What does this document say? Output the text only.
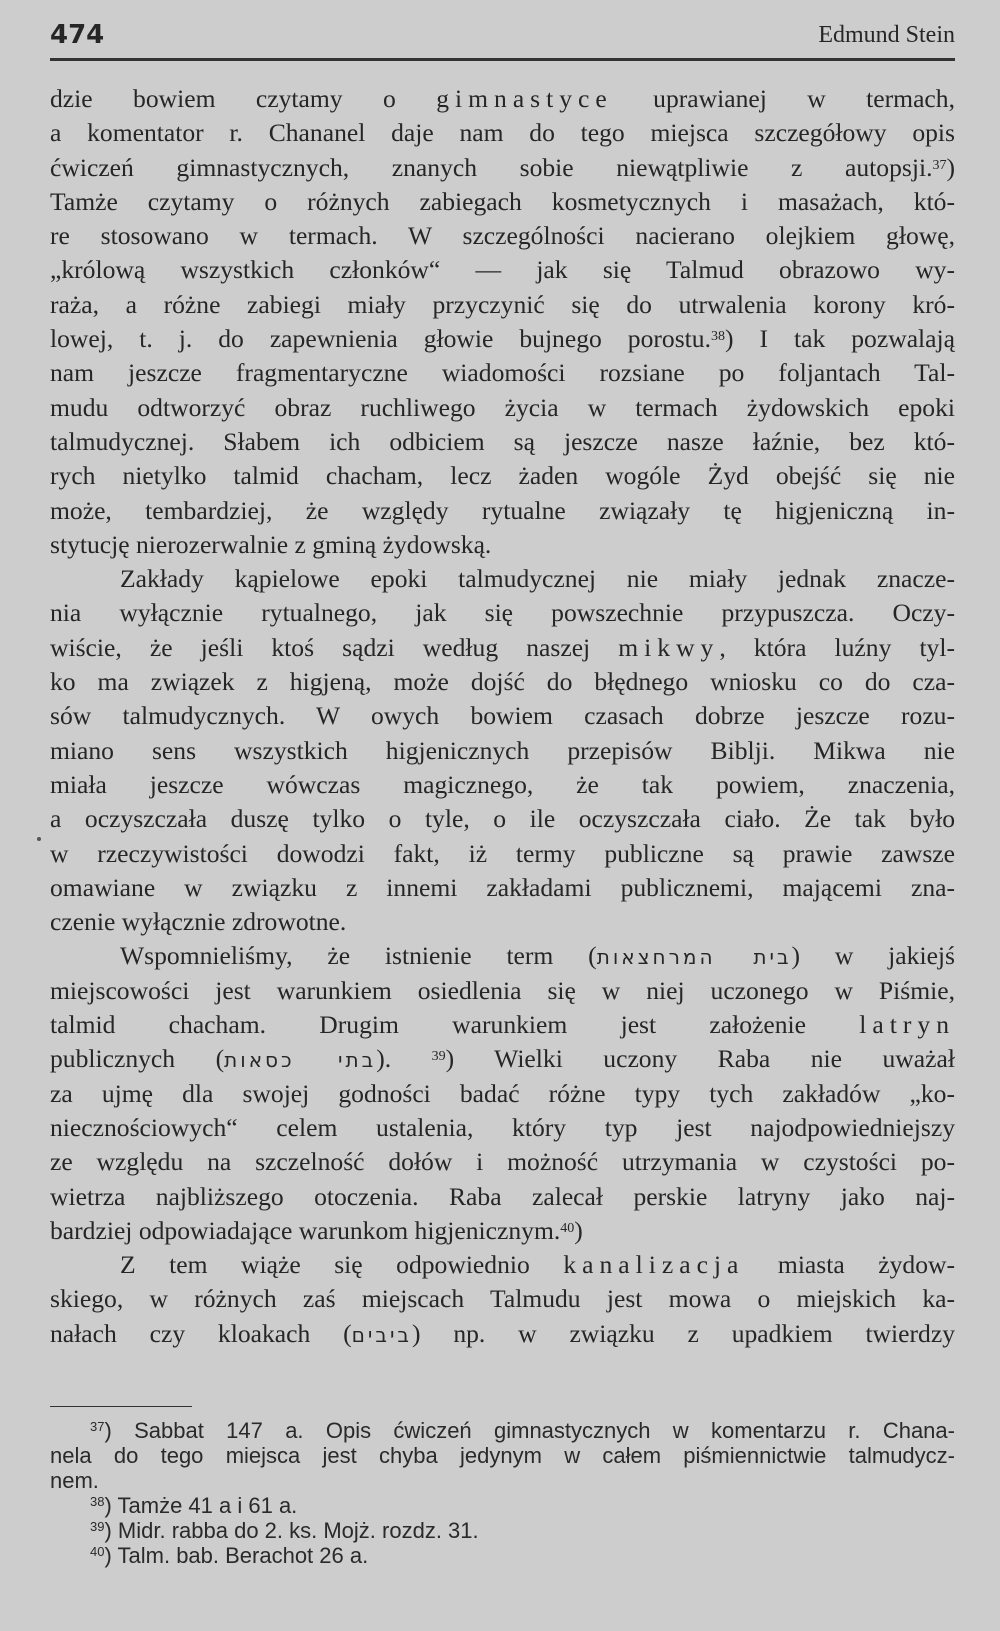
474	Edmund Stein
dzie bowiem czytamy o gimnastyce uprawianej w termach,
a komentator r. Chananel daje nam do tego miejsca szczegółowy opis
ćwiczeń gimnastycznych, znanych sobie niewątpliwie z autopsji.$^{37}$)
Tamże czytamy o różnych zabiegach kosmetycznych i masażach, któ-
re stosowano w termach. W szczególności nacierano olejkiem głowę,
„królową wszystkich członków“ — jak się Talmud obrazowo wy-
raża, a różne zabiegi miały przyczynić się do utrwalenia korony kró-
lowej, t. j. do zapewnienia głowie bujnego porostu.$^{38}$) I tak pozwalają
nam jeszcze fragmentaryczne wiadomości rozsiane po foljantach Tal-
mudu odtworzyć obraz ruchliwego życia w termach żydowskich epoki
talmudycznej. Słabem ich odbiciem są jeszcze nasze łaźnie, bez któ-
rych nietylko talmid chacham, lecz żaden wogóle Żyd obejść się nie
może, tembardziej, że względy rytualne związały tę higjeniczną in-
stytucję nierozerwalnie z gminą żydowską.
Zakłady kąpielowe epoki talmudycznej nie miały jednak znacze-
nia wyłącznie rytualnego, jak się powszechnie przypuszcza. Oczy-
wiście, że jeśli ktoś sądzi według naszej mikwy, która luźny tyl-
ko ma związek z higjeną, może dojść do błędnego wniosku co do cza-
sów talmudycznych. W owych bowiem czasach dobrze jeszcze rozu-
miano sens wszystkich higjenicznych przepisów Biblji. Mikwa nie
miała jeszcze wówczas magicznego, że tak powiem, znaczenia,
a oczyszczała duszę tylko o tyle, o ile oczyszczała ciało. Że tak było
w rzeczywistości dowodzi fakt, iż termy publiczne są prawie zawsze
omawiane w związku z innemi zakładami publicznemi, mającemi zna-
czenie wyłącznie zdrowotne.
Wspomnieliśmy, że istnienie term (בית המרחצאות) w jakiejś
miejscowości jest warunkiem osiedlenia się w niej uczonego w Piśmie,
talmid chacham. Drugim warunkiem jest założenie latryn
publicznych (בתי כסאות). $^{39}$) Wielki uczony Raba nie uważał
za ujmę dla swojej godności badać różne typy tych zakładów „ko-
niecznościowych“ celem ustalenia, który typ jest najodpowiedniejszy
ze względu na szczelność dołów i możność utrzymania w czystości po-
wietrza najbliższego otoczenia. Raba zalecał perskie latryny jako naj-
bardziej odpowiadające warunkom higjenicznym.$^{40}$)
Z tem wiąże się odpowiednio kanalizacja miasta żydow-
skiego, w różnych zaś miejscach Talmudu jest mowa o miejskich ka-
nałach czy kloakach (ביבים) np. w związku z upadkiem twierdzy
$^{37}$) Sabbat 147 a. Opis ćwiczeń gimnastycznych w komentarzu r. Chana-
nela do tego miejsca jest chyba jedynym w całem piśmiennictwie talmudycz-
nem.
$^{38}$) Tamże 41 a i 61 a.
$^{39}$) Midr. rabba do 2. ks. Mojż. rozdz. 31.
$^{40}$) Talm. bab. Berachot 26 a.
